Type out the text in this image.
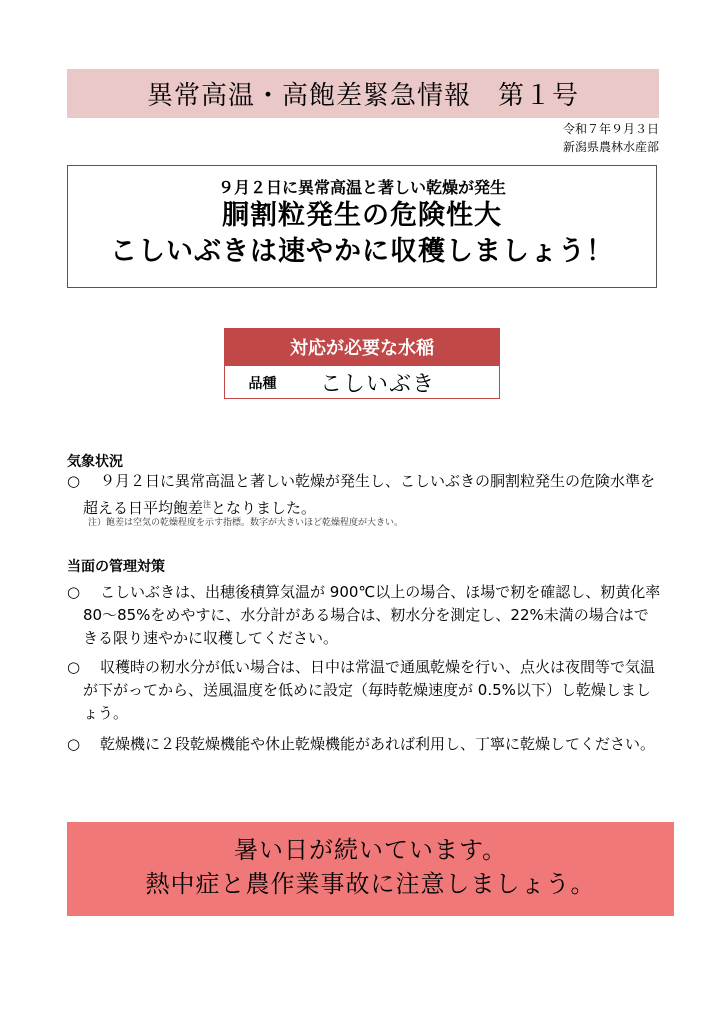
異常高温・高飽差緊急情報　第１号
令和７年９月３日
新潟県農林水産部
９月２日に異常高温と著しい乾燥が発生
胴割粒発生の危険性大
こしいぶきは速やかに収穫しましょう！
対応が必要な水稲
品種	こしいぶき
気象状況
○	９月２日に異常高温と著しい乾燥が発生し、こしいぶきの胴割粒発生の危険水準を超える日平均飽差$^注$となりました。
注）飽差は空気の乾燥程度を示す指標。数字が大きいほど乾燥程度が大きい。
当面の管理対策
○	こしいぶきは、出穂後積算気温が 900℃以上の場合、ほ場で籾を確認し、籾黄化率 80～85%をめやすに、水分計がある場合は、籾水分を測定し、22%未満の場合はできる限り速やかに収穫してください。
○	収穫時の籾水分が低い場合は、日中は常温で通風乾燥を行い、点火は夜間等で気温が下がってから、送風温度を低めに設定（毎時乾燥速度が 0.5%以下）し乾燥しましょう。
○	乾燥機に２段乾燥機能や休止乾燥機能があれば利用し、丁寧に乾燥してください。
暑い日が続いています。
熱中症と農作業事故に注意しましょう。
